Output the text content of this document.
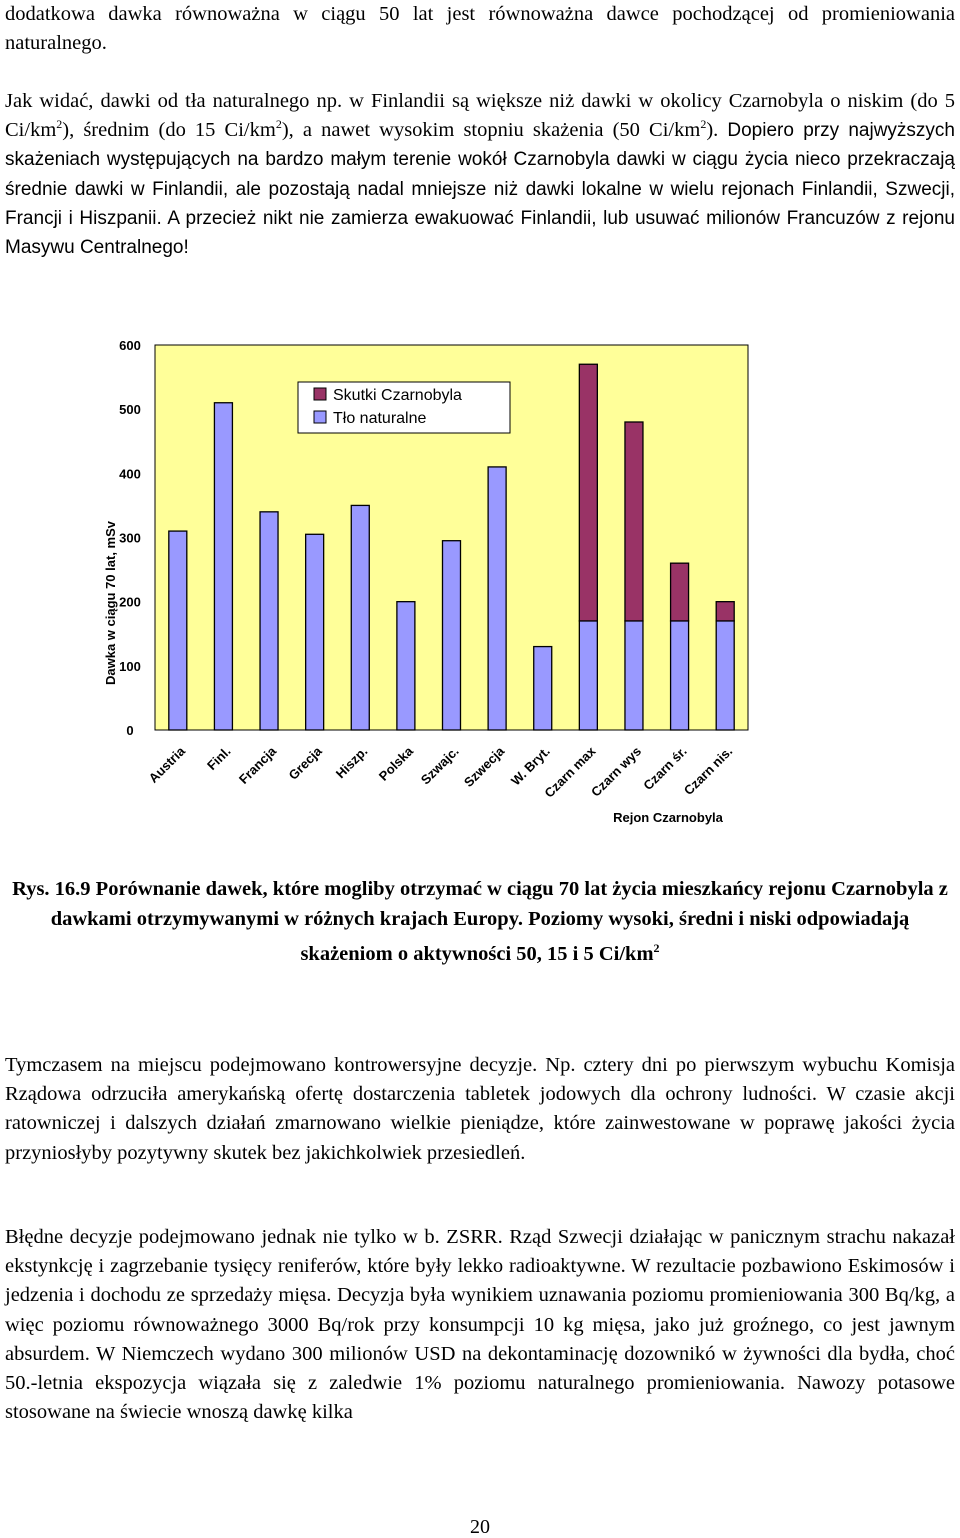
dodatkowa dawka równoważna w ciągu 50 lat jest równoważna dawce pochodzącej od promieniowania naturalnego.

Jak widać, dawki od tła naturalnego np. w Finlandii są większe niż dawki w okolicy Czarnobyla o niskim (do 5 $Ci/km^2$), średnim (do 15 $Ci/km^2$), a nawet wysokim stopniu skażenia (50 $Ci/km^2$). Dopiero przy najwyższych skażeniach występujących na bardzo małym terenie wokół Czarnobyla dawki w ciągu życia nieco przekraczają średnie dawki w Finlandii, ale pozostają nadal mniejsze niż dawki lokalne w wielu rejonach Finlandii, Szwecji, Francji i Hiszpanii. A przecież nikt nie zamierza ewakuować Finlandii, lub usuwać milionów Francuzów z rejonu Masywu Centralnego!

0
100
200
300
400
500
600
Austria Finl. Francja Grecja Hiszp. Polska Szwajc. Szwecja W. Bryt.
Czarn max
Czarn wys
Czarn śr.
Czarn nis.
Dawka w ciągu 70 lat, mSv
Rejon Czarnobyla
Skutki Czarnobyla
Tło naturalne

Rys. 16.9 Porównanie dawek, które mogliby otrzymać w ciągu 70 lat życia mieszkańcy rejonu Czarnobyla z dawkami otrzymywanymi w różnych krajach Europy. Poziomy wysoki, średni i niski odpowiadają skażeniom o aktywności 50, 15 i 5 $Ci/km^2$

Tymczasem na miejscu podejmowano kontrowersyjne decyzje. Np. cztery dni po pierwszym wybuchu Komisja Rządowa odrzuciła amerykańską ofertę dostarczenia tabletek jodowych dla ochrony ludności. W czasie akcji ratowniczej i dalszych działań zmarnowano wielkie pieniądze, które zainwestowane w poprawę jakości życia przyniosłyby pozytywny skutek bez jakichkolwiek przesiedleń.

Błędne decyzje podejmowano jednak nie tylko w b. ZSRR. Rząd Szwecji działając w panicznym strachu nakazał ekstynkcję i zagrzebanie tysięcy reniferów, które były lekko radioaktywne. W rezultacie pozbawiono Eskimosów i jedzenia i dochodu ze sprzedaży mięsa. Decyzja była wynikiem uznawania poziomu promieniowania 300 Bq/kg, a więc poziomu równoważnego 3000 Bq/rok przy konsumpcji 10 kg mięsa, jako już groźnego, co jest jawnym absurdem. W Niemczech wydano 300 milionów USD na dekontaminację dozownikó w żywności dla bydła, choć 50.-letnia ekspozycja wiązała się z zaledwie 1% poziomu naturalnego promieniowania. Nawozy potasowe stosowane na świecie wnoszą dawkę kilka

20
